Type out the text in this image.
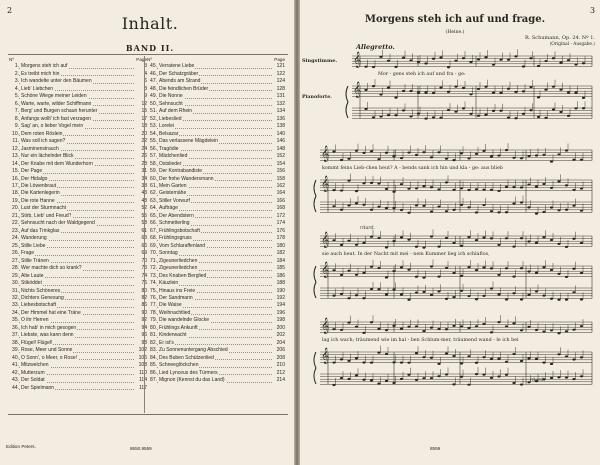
2
Inhalt.
BAND II.
Nº	Page
1. Morgens steh ich auf	3
2. Es treibt mich hin	4
3. Ich wandelte unter den Bäumen	6
4. Lieb' Liebchen	8
5. Schöne Wiege meiner Leiden	9
6. Warte, warte, wilder Schiffmann	12
7. Berg' und Burgen schaun herunter	15
8. Anfangs wollt' ich fast verzagen	17
9. Sag' an, o lieber Vogel mein	18
10. Dem roten Röslein	20
11. Was soll ich sagen?	22
12. Jasminenstrauch	24
13. Nur ein lächelnder Blick	26
14. Der Knabe mit dem Wunderhorn	28
15. Der Page	31
16. Der Hidalgo	34
17. Die Löwenbraut	38
18. Die Kartenlegerin	43
19. Die rote Hanne	48
20. Lust der Sturmnacht	52
21. Stirb, Lieb' und Freud'!	55
22. Sehnsucht nach der Waldgegend	58
23. Auf das Trinkglas	61
24. Wanderung	63
25. Stille Liebe	66
26. Frage	69
27. Stille Tränen	70
28. Wer machte dich so krank?	73
29. Alte Laute	74
30. Stiköddet	76
31. Nichts Schöneres	80
32. Dichters Genesung	82
33. Liebesbotschaft	86
34. Der Himmel hat eine Träne	90
35. O ihr Herren	92
36. Ich hab' in mich gesogen	94
37. Liebste, was kann denn	96
38. Flügel! Flügel!	98
39. Rose, Meer und Sonne	102
40. O Sonn', o Meer, o Rose!	106
41. Mitzwelchen	108
42. Mutterzum	110
43. Der Soldat	114
44. Der Spielmann	117
Nº	Page
45. Verratene Liebe	121
46. Der Schatzgräber	122
47. Abends am Strand	124
48. Die feindlichen Brüder	128
49. Die Nonne	131
50. Sehnsucht	132
51. Auf dem Rhein	134
52. Liebeslied	136
53. Lorelei	138
54. Belsazar	140
55. Das verlassene Mägdelein	146
56. Tragödie	148
57. Mädchenlied	152
58. Ostslieder	154
59. Der Kontrabandiste	156
60. Der frohe Wandersmann	158
61. Mein Garten	162
62. Geisternähe	164
63. Stiller Vorwurf	166
64. Aufträge	168
65. Der Abendstern	172
66. Schmetterling	174
67. Frühlingsbotschaft	176
68. Frühlingsgruss	178
69. Vom Schlaraffenland	180
70. Sonntag	182
71. Zigeunerliedchen	184
72. Zigeunerliedchen	185
73. Des Knaben Berglied	186
74. Käuzlein	188
75. Hinaus ins Freie	190
76. Der Sandmann	192
77. Die Waise	194
78. Weihnachtlied	196
79. Die wandelnde Glocke	198
80. Frühlings Ankunft	200
81. Kinderwacht	202
82. Er ist's	204
83. Zu Sonnenuntergang Abschied	206
84. Des Buben Schützenlied	208
85. Schneeglöckchen	210
86. Lied Lynceus des Türmers	212
87. Mignon (Kennst du das Land)	214
Edition Peters.	8650.9559
3
Morgens steh ich auf und frage.
(Heine.)
R. Schumann, Op. 24. Nº 1.
(Original - Ausgabe.)
Allegretto.
𝄞
𝄞
𝄞
𝄞
𝄞
𝄞
𝄞
𝄞
Mor - gens steh ich auf und fra - ge:
kommt feins Lieb-chen heut? A - bends sank ich hin und kla - ge: aus blieb
sie auch heut. In der Nacht mit mei - nem Kummer lieg ich schlaflos,
lag ich wach; träumend wie im hal - ben Schlum-mer, träumend wand - le ich bei
ritard.
ritard.
8559
Singstimme.
Pianoforte.
